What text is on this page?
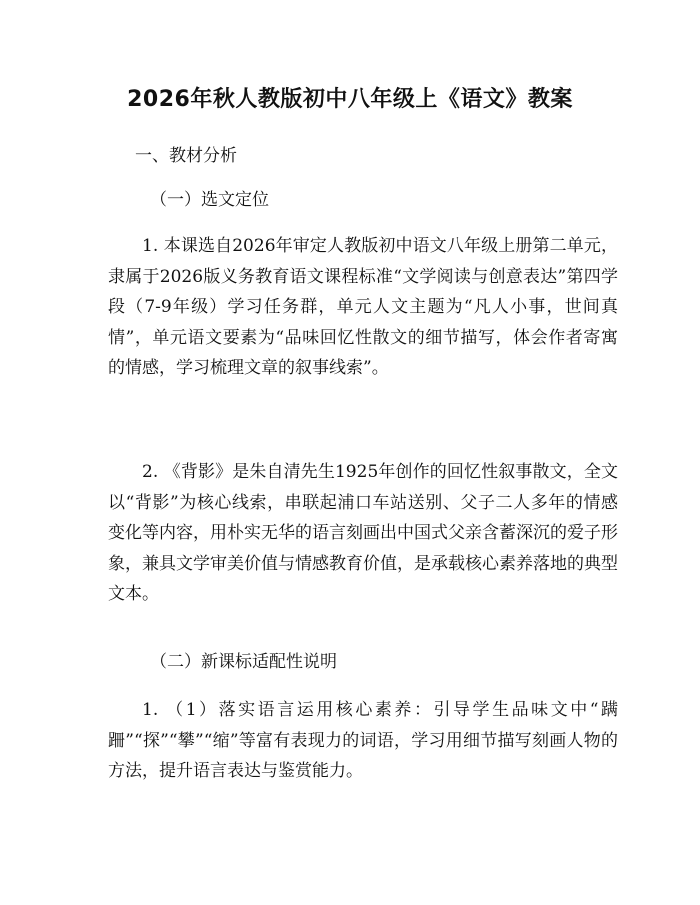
2026年秋人教版初中八年级上《语文》教案

一、教材分析

（一）选文定位

1. 本课选自2026年审定人教版初中语文八年级上册第二单元，隶属于2026版义务教育语文课程标准“文学阅读与创意表达”第四学段（7-9年级）学习任务群，单元人文主题为“凡人小事，世间真情”，单元语文要素为“品味回忆性散文的细节描写，体会作者寄寓的情感，学习梳理文章的叙事线索”。

2. 《背影》是朱自清先生1925年创作的回忆性叙事散文，全文以“背影”为核心线索，串联起浦口车站送别、父子二人多年的情感变化等内容，用朴实无华的语言刻画出中国式父亲含蓄深沉的爱子形象，兼具文学审美价值与情感教育价值，是承载核心素养落地的典型文本。

（二）新课标适配性说明

1. （1）落实语言运用核心素养：引导学生品味文中“蹒跚”“探”“攀”“缩”等富有表现力的词语，学习用细节描写刻画人物的方法，提升语言表达与鉴赏能力。
